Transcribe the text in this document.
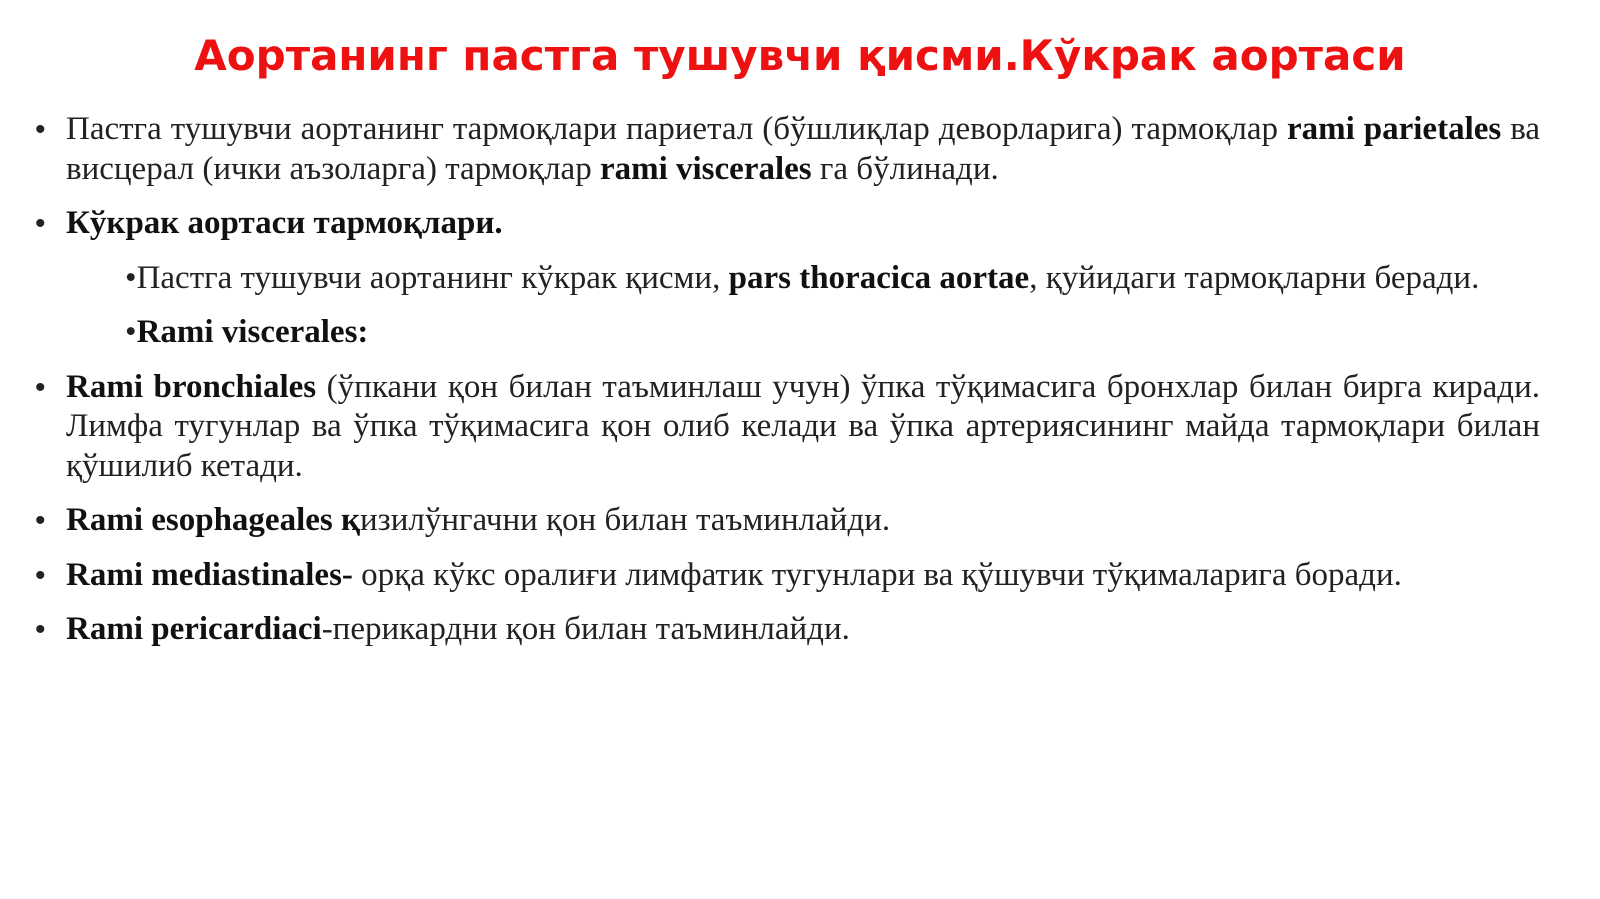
Аортанинг пастга тушувчи қисми.Кўкрак аортаси
• Пастга тушувчи аортанинг тармоқлари париетал (бўшлиқлар деворларига) тармоқлар rami parietales ва висцерал (ички аъзоларга) тармоқлар rami viscerales га бўлинади.
• Кўкрак аортаси тармоқлари.
•Пастга тушувчи аортанинг кўкрак қисми, pars thoracica aortae, қуйидаги тармоқларни беради.
•Rami viscerales:
• Rami bronchiales (ўпкани қон билан таъминлаш учун) ўпка тўқимасига бронхлар билан бирга киради. Лимфа тугунлар ва ўпка тўқимасига қон олиб келади ва ўпка артериясининг майда тармоқлари билан қўшилиб кетади.
• Rami esophageales қизилўнгачни қон билан таъминлайди.
• Rami mediastinales- орқа кўкс оралиғи лимфатик тугунлари ва қўшувчи тўқималарига боради.
• Rami pericardiaci-перикардни қон билан таъминлайди.
